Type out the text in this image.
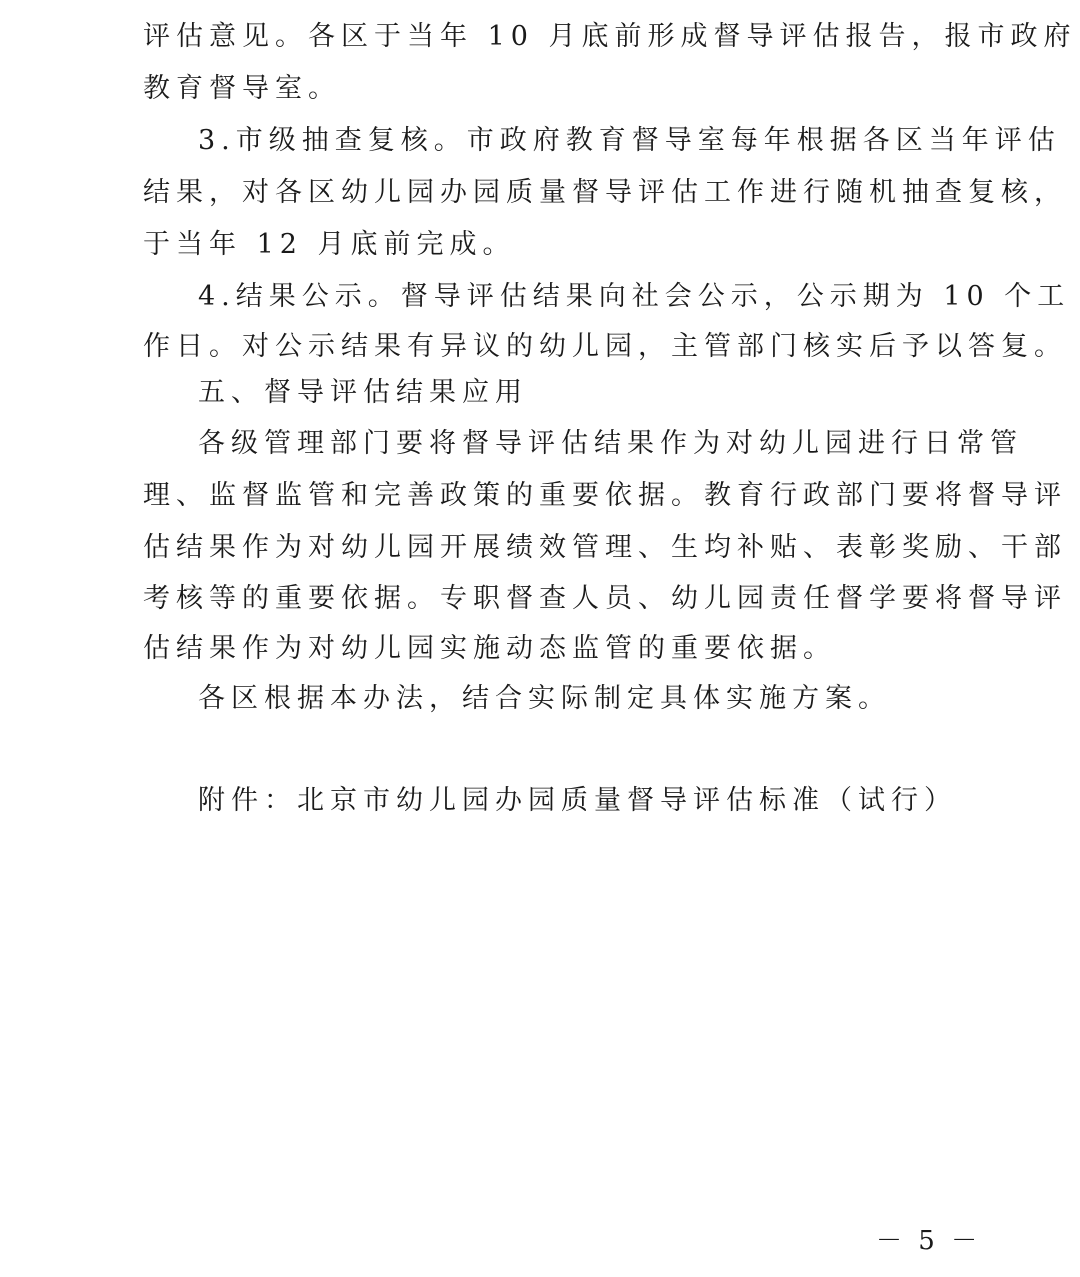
评估意见。各区于当年 10 月底前形成督导评估报告，报市政府
教育督导室。
3.市级抽查复核。市政府教育督导室每年根据各区当年评估
结果，对各区幼儿园办园质量督导评估工作进行随机抽查复核，
于当年 12 月底前完成。
4.结果公示。督导评估结果向社会公示，公示期为 10 个工
作日。对公示结果有异议的幼儿园，主管部门核实后予以答复。
五、督导评估结果应用
各级管理部门要将督导评估结果作为对幼儿园进行日常管
理、监督监管和完善政策的重要依据。教育行政部门要将督导评
估结果作为对幼儿园开展绩效管理、生均补贴、表彰奖励、干部
考核等的重要依据。专职督查人员、幼儿园责任督学要将督导评
估结果作为对幼儿园实施动态监管的重要依据。
各区根据本办法，结合实际制定具体实施方案。
附件：北京市幼儿园办园质量督导评估标准（试行）
－ 5 －
